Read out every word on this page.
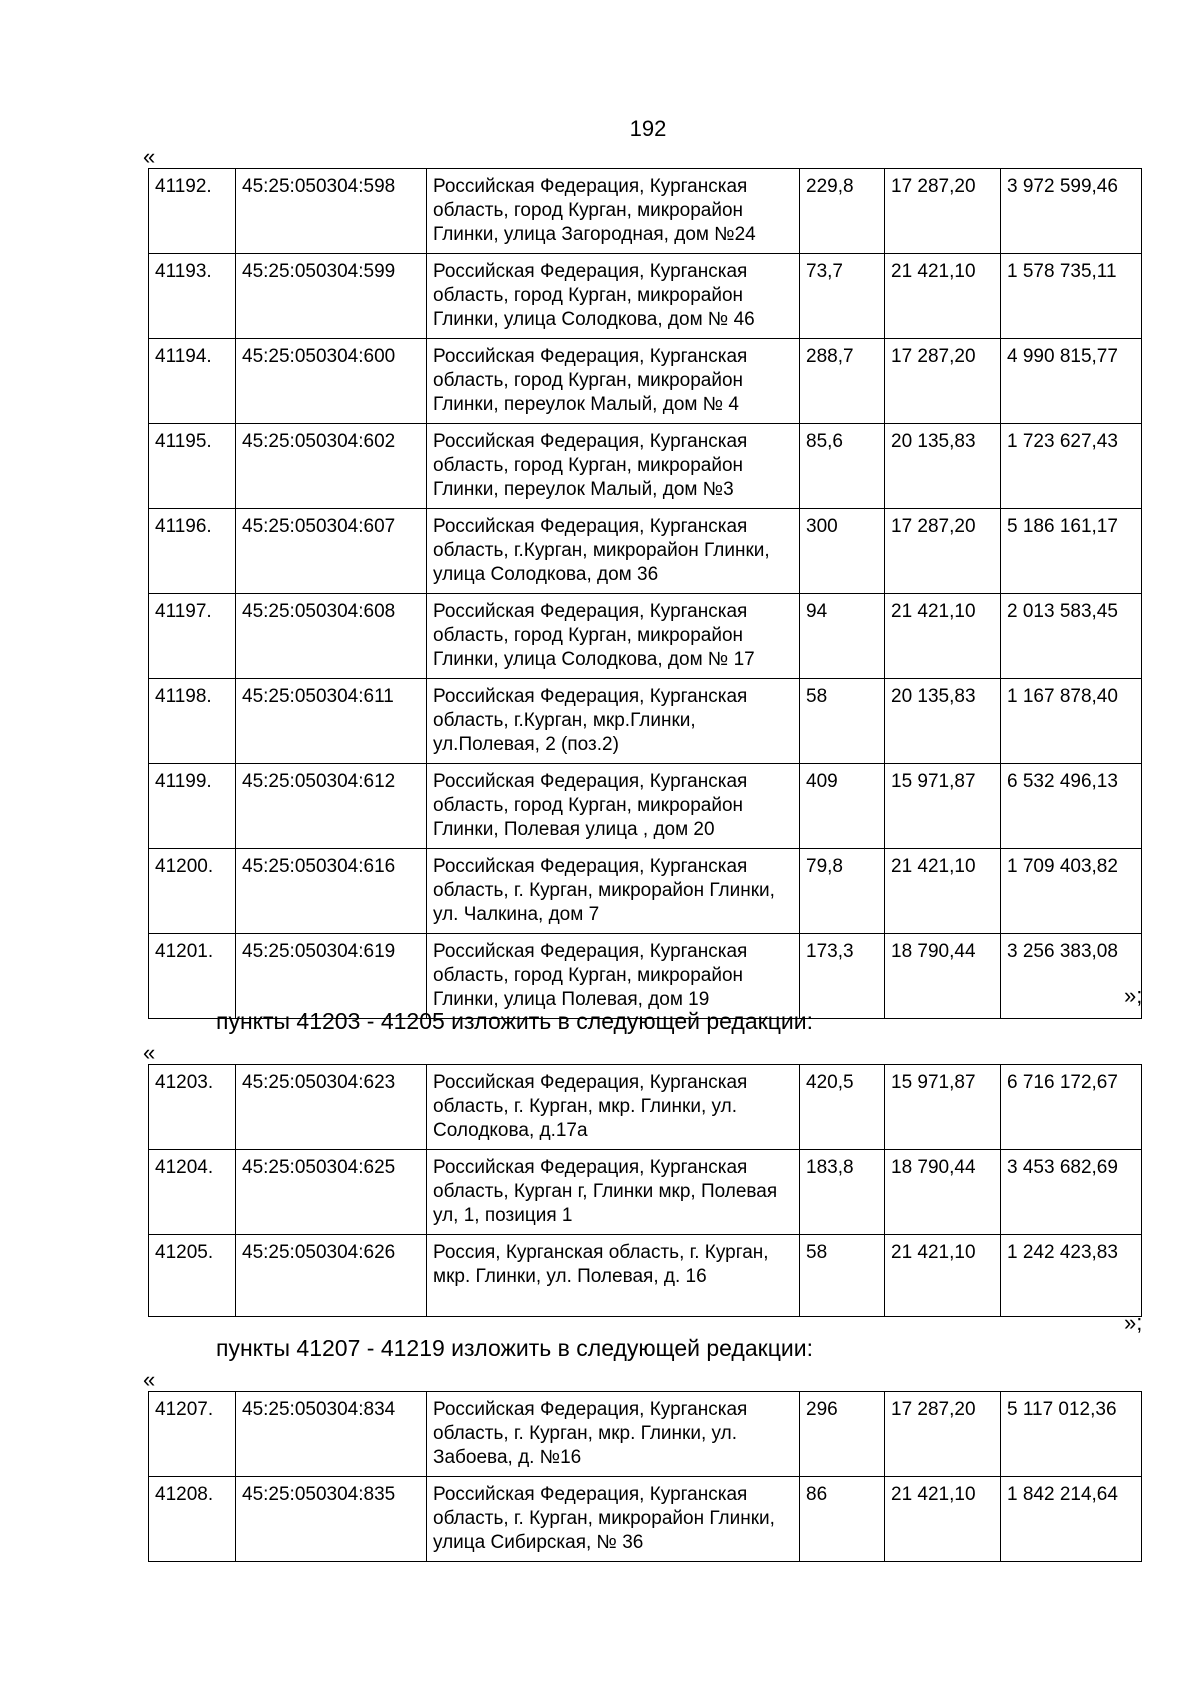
192
«
41192.	45:25:050304:598	Российская Федерация, Курганская область, город Курган, микрорайон Глинки, улица Загородная, дом №24	229,8	17 287,20	3 972 599,46
41193.	45:25:050304:599	Российская Федерация, Курганская область, город Курган, микрорайон Глинки, улица Солодкова, дом № 46	73,7	21 421,10	1 578 735,11
41194.	45:25:050304:600	Российская Федерация, Курганская область, город Курган, микрорайон Глинки, переулок Малый, дом № 4	288,7	17 287,20	4 990 815,77
41195.	45:25:050304:602	Российская Федерация, Курганская область, город Курган, микрорайон Глинки, переулок Малый, дом №3	85,6	20 135,83	1 723 627,43
41196.	45:25:050304:607	Российская Федерация, Курганская область, г.Курган, микрорайон Глинки, улица Солодкова, дом 36	300	17 287,20	5 186 161,17
41197.	45:25:050304:608	Российская Федерация, Курганская область, город Курган, микрорайон Глинки, улица Солодкова, дом № 17	94	21 421,10	2 013 583,45
41198.	45:25:050304:611	Российская Федерация, Курганская область, г.Курган, мкр.Глинки, ул.Полевая, 2 (поз.2)	58	20 135,83	1 167 878,40
41199.	45:25:050304:612	Российская Федерация, Курганская область, город Курган, микрорайон Глинки, Полевая улица , дом 20	409	15 971,87	6 532 496,13
41200.	45:25:050304:616	Российская Федерация, Курганская область, г. Курган, микрорайон Глинки, ул. Чалкина, дом 7	79,8	21 421,10	1 709 403,82
41201.	45:25:050304:619	Российская Федерация, Курганская область, город Курган, микрорайон Глинки, улица Полевая, дом 19	173,3	18 790,44	3 256 383,08
»;
пункты 41203 - 41205 изложить в следующей редакции:
«
41203.	45:25:050304:623	Российская Федерация, Курганская область, г. Курган, мкр. Глинки, ул. Солодкова, д.17а	420,5	15 971,87	6 716 172,67
41204.	45:25:050304:625	Российская Федерация, Курганская область, Курган г, Глинки мкр, Полевая ул, 1, позиция 1	183,8	18 790,44	3 453 682,69
41205.	45:25:050304:626	Россия, Курганская область, г. Курган, мкр. Глинки, ул. Полевая, д. 16	58	21 421,10	1 242 423,83
»;
пункты 41207 - 41219 изложить в следующей редакции:
«
41207.	45:25:050304:834	Российская Федерация, Курганская область, г. Курган, мкр. Глинки, ул. Забоева, д. №16	296	17 287,20	5 117 012,36
41208.	45:25:050304:835	Российская Федерация, Курганская область, г. Курган, микрорайон Глинки, улица Сибирская, № 36	86	21 421,10	1 842 214,64
